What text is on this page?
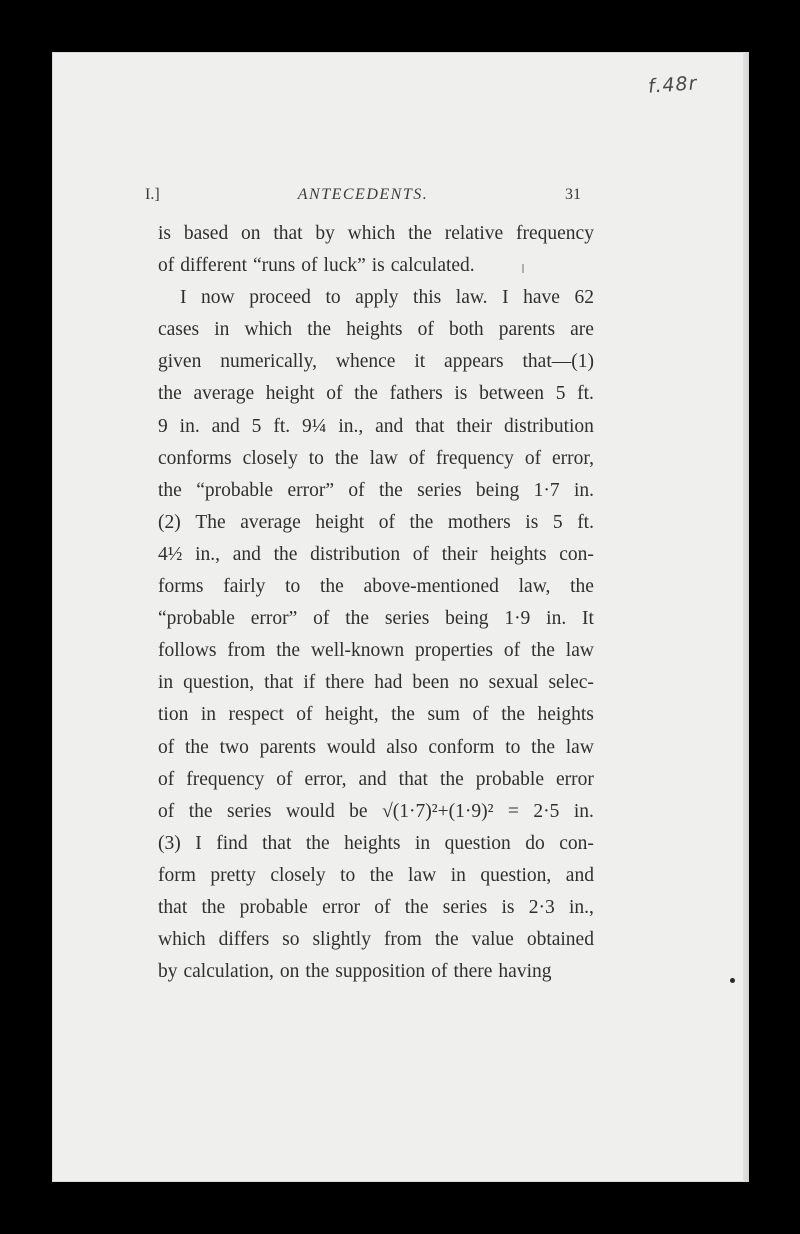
f.48r
I.]	ANTECEDENTS.	31
is based on that by which the relative frequency
of different “runs of luck” is calculated.
I now proceed to apply this law. I have 62
cases in which the heights of both parents are
given numerically, whence it appears that—(1)
the average height of the fathers is between 5 ft.
9 in. and 5 ft. 9¼ in., and that their distribution
conforms closely to the law of frequency of error,
the “probable error” of the series being 1·7 in.
(2) The average height of the mothers is 5 ft.
4½ in., and the distribution of their heights con-
forms fairly to the above-mentioned law, the
“probable error” of the series being 1·9 in. It
follows from the well-known properties of the law
in question, that if there had been no sexual selec-
tion in respect of height, the sum of the heights
of the two parents would also conform to the law
of frequency of error, and that the probable error
of the series would be √(1·7)²+(1·9)² = 2·5 in.
(3) I find that the heights in question do con-
form pretty closely to the law in question, and
that the probable error of the series is 2·3 in.,
which differs so slightly from the value obtained
by calculation, on the supposition of there having
